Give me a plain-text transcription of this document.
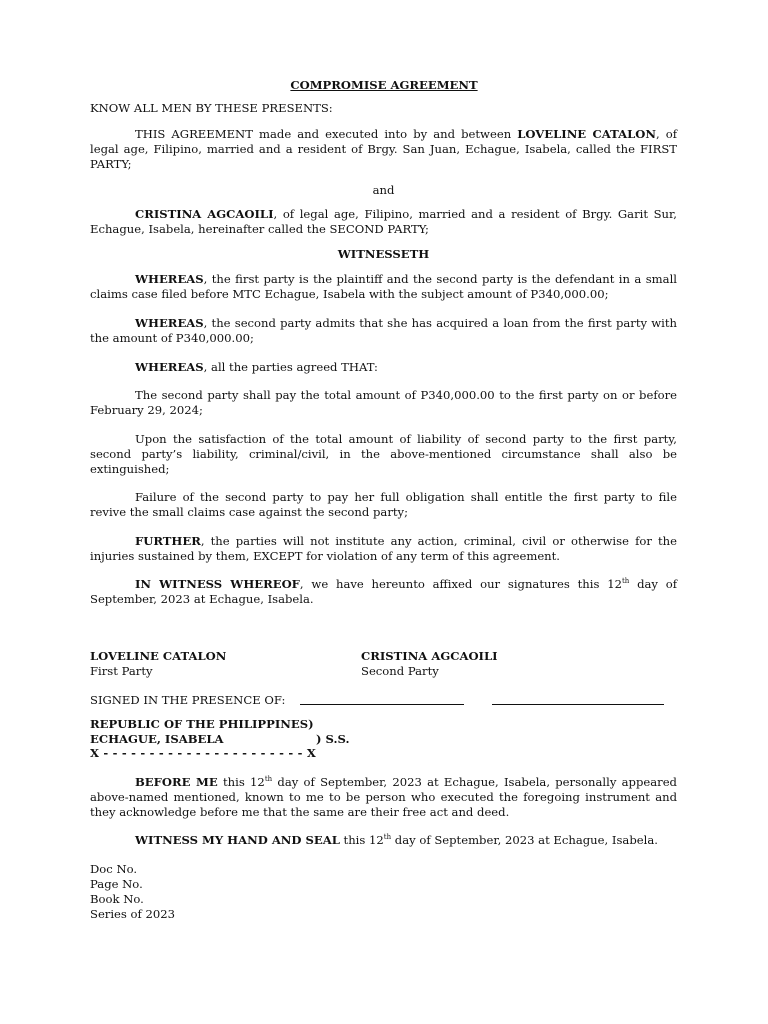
COMPROMISE AGREEMENT
KNOW ALL MEN BY THESE PRESENTS:
THIS AGREEMENT made and executed into by and between LOVELINE CATALON, of legal age, Filipino, married and a resident of Brgy. San Juan, Echague, Isabela, called the FIRST PARTY;
and
CRISTINA AGCAOILI, of legal age, Filipino, married and a resident of Brgy. Garit Sur, Echague, Isabela, hereinafter called the SECOND PARTY;
WITNESSETH
WHEREAS, the first party is the plaintiff and the second party is the defendant in a small claims case filed before MTC Echague, Isabela with the subject amount of P340,000.00;
WHEREAS, the second party admits that she has acquired a loan from the first party with the amount of P340,000.00;
WHEREAS, all the parties agreed THAT:
The second party shall pay the total amount of P340,000.00 to the first party on or before February 29, 2024;
Upon the satisfaction of the total amount of liability of second party to the first party, second party’s liability, criminal/civil, in the above-mentioned circumstance shall also be extinguished;
Failure of the second party to pay her full obligation shall entitle the first party to file revive the small claims case against the second party;
FURTHER, the parties will not institute any action, criminal, civil or otherwise for the injuries sustained by them, EXCEPT for violation of any term of this agreement.
IN WITNESS WHEREOF, we have hereunto affixed our signatures this 12th day of September, 2023 at Echague, Isabela.
LOVELINE CATALON
First Party
CRISTINA AGCAOILI
Second Party
SIGNED IN THE PRESENCE OF:
REPUBLIC OF THE PHILIPPINES)
ECHAGUE, ISABELA	) S.S.
X - - - - - - - - - - - - - - - - - - - - - - X
BEFORE ME this 12th day of September, 2023 at Echague, Isabela, personally appeared above-named mentioned, known to me to be person who executed the foregoing instrument and they acknowledge before me that the same are their free act and deed.
WITNESS MY HAND AND SEAL this 12th day of September, 2023 at Echague, Isabela.
Doc No.
Page No.
Book No.
Series of 2023
